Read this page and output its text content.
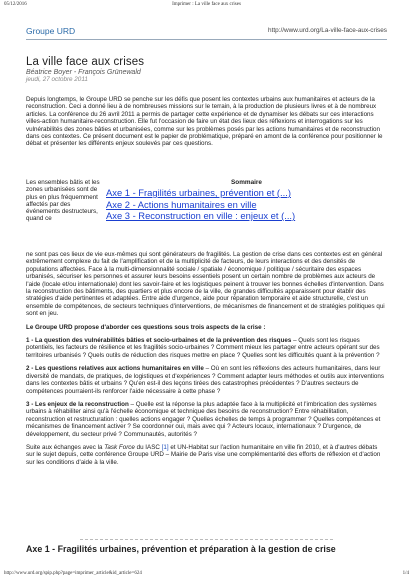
05/12/2016	Imprimer : La ville face aux crises
Groupe URD	http://www.urd.org/La-ville-face-aux-crises
La ville face aux crises
Béatrice Boyer - François Grünewald
jeudi, 27 octobre 2011

Depuis longtemps, le Groupe URD se penche sur les défis que posent les contextes urbains aux humanitaires et acteurs de la reconstruction. Ceci a donné lieu à de nombreuses missions sur le terrain, à la production de plusieurs livres et à de nombreux articles. La conférence du 26 avril 2011 a permis de partager cette expérience et de dynamiser les débats sur ces interactions villes-action humanitaire-reconstruction. Elle fut l'occasion de faire un état des lieux des réflexions et interrogations sur les vulnérabilités des zones bâties et urbanisées, comme sur les problèmes posés par les actions humanitaires et de reconstruction dans ces contextes. Ce présent document est le papier de problématique, préparé en amont de la conférence pour positionner le débat et présenter les différents enjeux soulevés par ces questions.

Les ensembles bâtis et les zones urbanisées sont de plus en plus fréquemment affectés par des événements destructeurs, quand ce
Sommaire
Axe 1 - Fragilités urbaines, prévention et (...)
Axe 2 - Actions humanitaires en ville
Axe 3 - Reconstruction en ville : enjeux et (...)

ne sont pas ces lieux de vie eux-mêmes qui sont générateurs de fragilités. La gestion de crise dans ces contextes est en général extrêmement complexe du fait de l'amplification et de la multiplicité de facteurs, de leurs interactions et des densités de populations affectées. Face à la multi-dimensionnalité sociale / spatiale / économique / politique / sécuritaire des espaces urbanisés, sécuriser les personnes et assurer leurs besoins essentiels posent un certain nombre de problèmes aux acteurs de l'aide (locale et/ou internationale) dont les savoir-faire et les logistiques peinent à trouver les bonnes échelles d'intervention. Dans la reconstruction des bâtiments, des quartiers et plus encore de la ville, de grandes difficultés apparaissent pour établir des stratégies d'aide pertinentes et adaptées. Entre aide d'urgence, aide pour réparation temporaire et aide structurelle, c'est un ensemble de compétences, de secteurs techniques d'interventions, de mécanismes de financement et de stratégies politiques qui sont en jeu.

Le Groupe URD propose d'aborder ces questions sous trois aspects de la crise :

1 - La question des vulnérabilités bâties et socio-urbaines et de la prévention des risques – Quels sont les risques potentiels, les facteurs de résilience et les fragilités socio-urbaines ? Comment mieux les partager entre acteurs opérant sur des territoires urbanisés ? Quels outils de réduction des risques mettre en place ? Quelles sont les difficultés quant à la prévention ?

2 - Les questions relatives aux actions humanitaires en ville – Où en sont les réflexions des acteurs humanitaires, dans leur diversité de mandats, de pratiques, de logistiques et d'expériences ? Comment adapter leurs méthodes et outils aux interventions dans les contextes bâtis et urbains ? Qu'en est-il des leçons tirées des catastrophes précédentes ? D'autres secteurs de compétences pourraient-ils renforcer l'aide nécessaire à cette phase ?

3 - Les enjeux de la reconstruction – Quelle est la réponse la plus adaptée face à la multiplicité et l'imbrication des systèmes urbains à réhabiliter ainsi qu'à l'échelle économique et technique des besoins de reconstruction? Entre réhabilitation, reconstruction et restructuration : quelles actions engager ? Quelles échelles de temps à programmer ? Quelles compétences et mécanismes de financement activer ? Se coordonner oui, mais avec qui ? Acteurs locaux, internationaux ? D'urgence, de développement, du secteur privé ? Communautés, autorités ?

Suite aux échanges avec la Task Force du IASC [1] et UN-Habitat sur l'action humanitaire en ville fin 2010, et à d'autres débats sur le sujet depuis, cette conférence Groupe URD – Mairie de Paris vise une complémentarité des efforts de réflexion et d'action sur les conditions d'aide à la ville.

Axe 1 - Fragilités urbaines, prévention et préparation à la gestion de crise
http://www.urd.org/spip.php?page=imprimer_article&id_article=624	1/4
